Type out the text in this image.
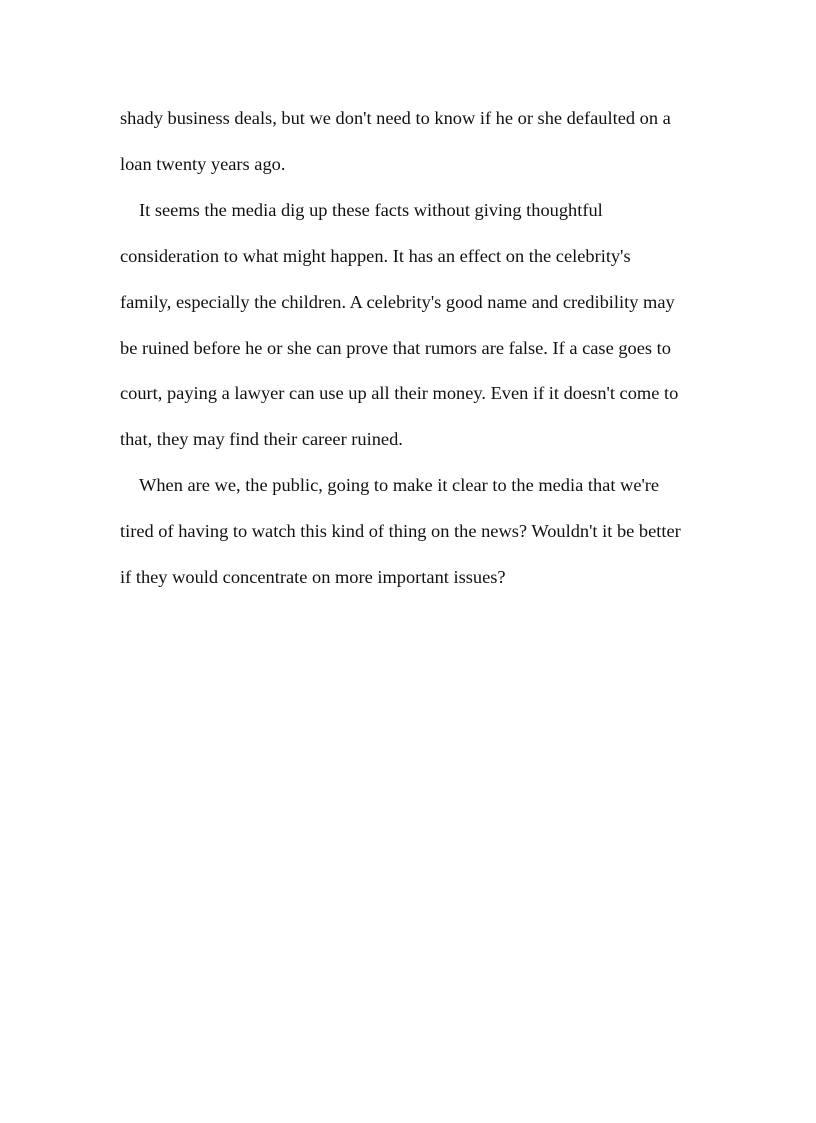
shady business deals, but we don't need to know if he or she defaulted on a
loan twenty years ago.

It seems the media dig up these facts without giving thoughtful
consideration to what might happen. It has an effect on the celebrity's
family, especially the children. A celebrity's good name and credibility may
be ruined before he or she can prove that rumors are false. If a case goes to
court, paying a lawyer can use up all their money. Even if it doesn't come to
that, they may find their career ruined.

When are we, the public, going to make it clear to the media that we're
tired of having to watch this kind of thing on the news? Wouldn't it be better
if they would concentrate on more important issues?
